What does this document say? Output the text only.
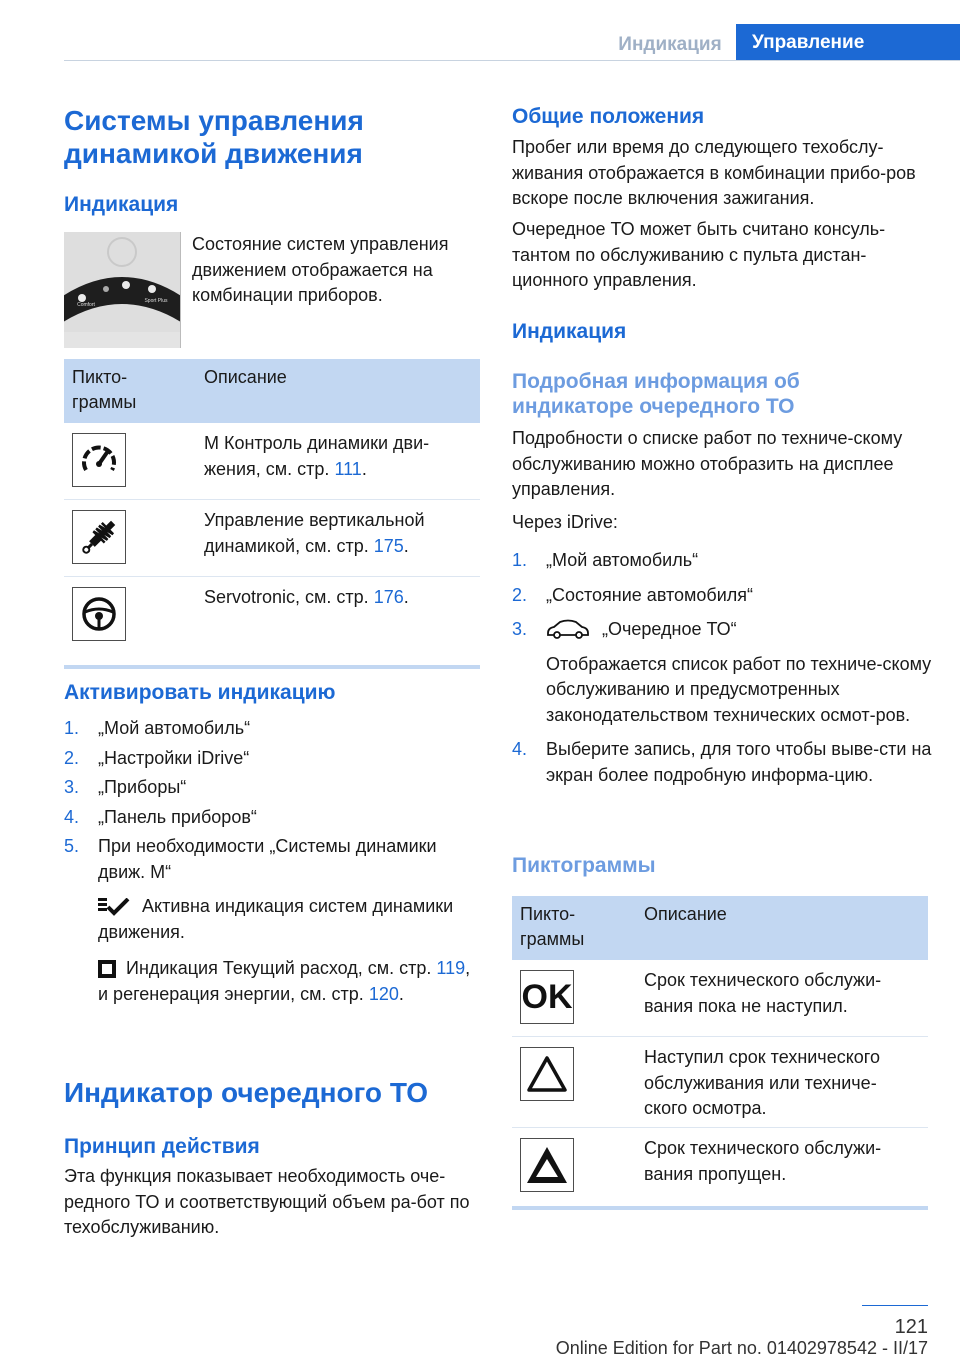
Индикация	Управление
Системы управления динамикой движения
Индикация
Sport
Sport Plus
Comfort

Состояние систем управления движением отображается на комбинации приборов.

Пикто-граммы
Описание
M Контроль динамики дви-жения, см. стр. 111.
Управление вертикальной динамикой, см. стр. 175.
Servotronic, см. стр. 176.
Активировать индикацию
1. „Мой автомобиль“
2. „Настройки iDrive“
3. „Приборы“
4. „Панель приборов“
5. При необходимости „Системы динамики движ. M“
Активна индикация систем динамики движения.
Индикация Текущий расход, см. стр. 119, и регенерация энергии, см. стр. 120.
Индикатор очередного ТО
Принцип действия

Эта функция показывает необходимость оче-редного ТО и соответствующий объем ра-бот по техобслуживанию.

Общие положения

Пробег или время до следующего техобслу-живания отображается в комбинации прибо-ров вскоре после включения зажигания.

Очередное ТО может быть считано консуль-тантом по обслуживанию с пульта дистан-ционного управления.

Индикация
Подробная информация об индикаторе очередного ТО

Подробности о списке работ по техниче-скому обслуживанию можно отобразить на дисплее управления.

Через iDrive:

1. „Мой автомобиль“
2. „Состояние автомобиля“
3.	„Очередное ТО“
Отображается список работ по техниче-скому обслуживанию и предусмотренных законодательством технических осмот-ров.
4. Выберите запись, для того чтобы выве-сти на экран более подробную информа-цию.
Пиктограммы
Пикто-граммы
Описание
OK	Срок технического обслужи-вания пока не наступил.
Наступил срок технического обслуживания или техниче-ского осмотра.
Срок технического обслужи-вания пропущен.
121
Online Edition for Part no. 01402978542 - II/17
